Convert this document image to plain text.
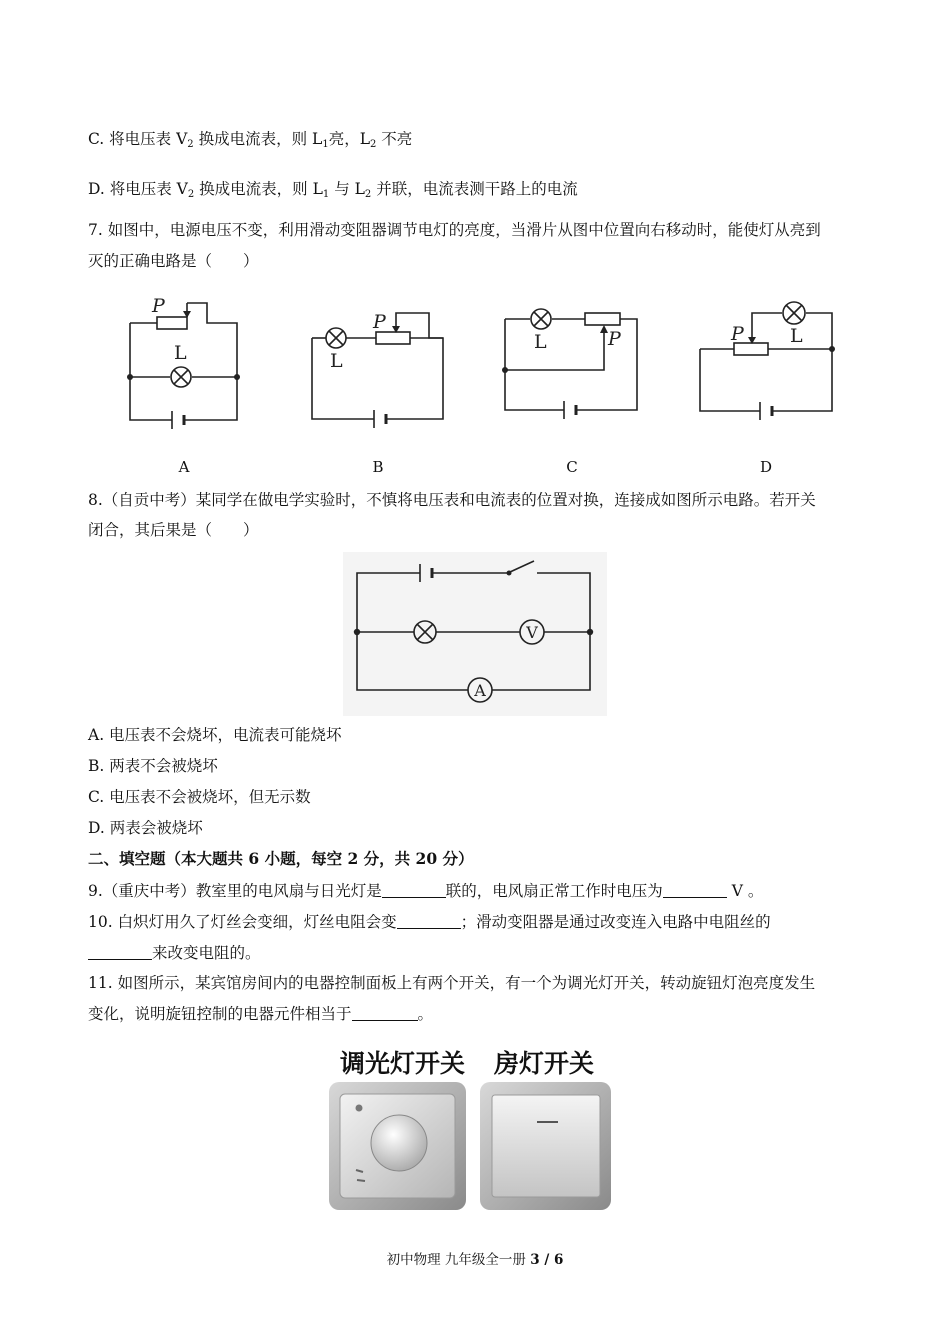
C. 将电压表 $V_2$ 换成电流表，则 $L_1$亮，$L_2$ 不亮
D. 将电压表 $V_2$ 换成电流表，则 $L_1$ 与 $L_2$ 并联，电流表测干路上的电流
7. 如图中，电源电压不变，利用滑动变阻器调节电灯的亮度，当滑片从图中位置向右移动时，能使灯从亮到
灭的正确电路是（　　）
P
P
P	P
L	L
L	L
A	B	C	D
8.（自贡中考）某同学在做电学实验时，不慎将电压表和电流表的位置对换，连接成如图所示电路。若开关
闭合，其后果是（　　）
V
A
A. 电压表不会烧坏，电流表可能烧坏
B. 两表不会被烧坏
C. 电压表不会被烧坏，但无示数
D. 两表会被烧坏
二、填空题（本大题共 6 小题，每空 2 分，共 20 分）
9.（重庆中考）教室里的电风扇与日光灯是	联的，电风扇正常工作时电压为	V 。
10. 白炽灯用久了灯丝会变细，灯丝电阻会变	；滑动变阻器是通过改变连入电路中电阻丝的
来改变电阻的。
11. 如图所示，某宾馆房间内的电器控制面板上有两个开关，有一个为调光灯开关，转动旋钮灯泡亮度发生
变化，说明旋钮控制的电器元件相当于	。
调光灯开关 房灯开关
初中物理 九年级全一册 3 / 6
